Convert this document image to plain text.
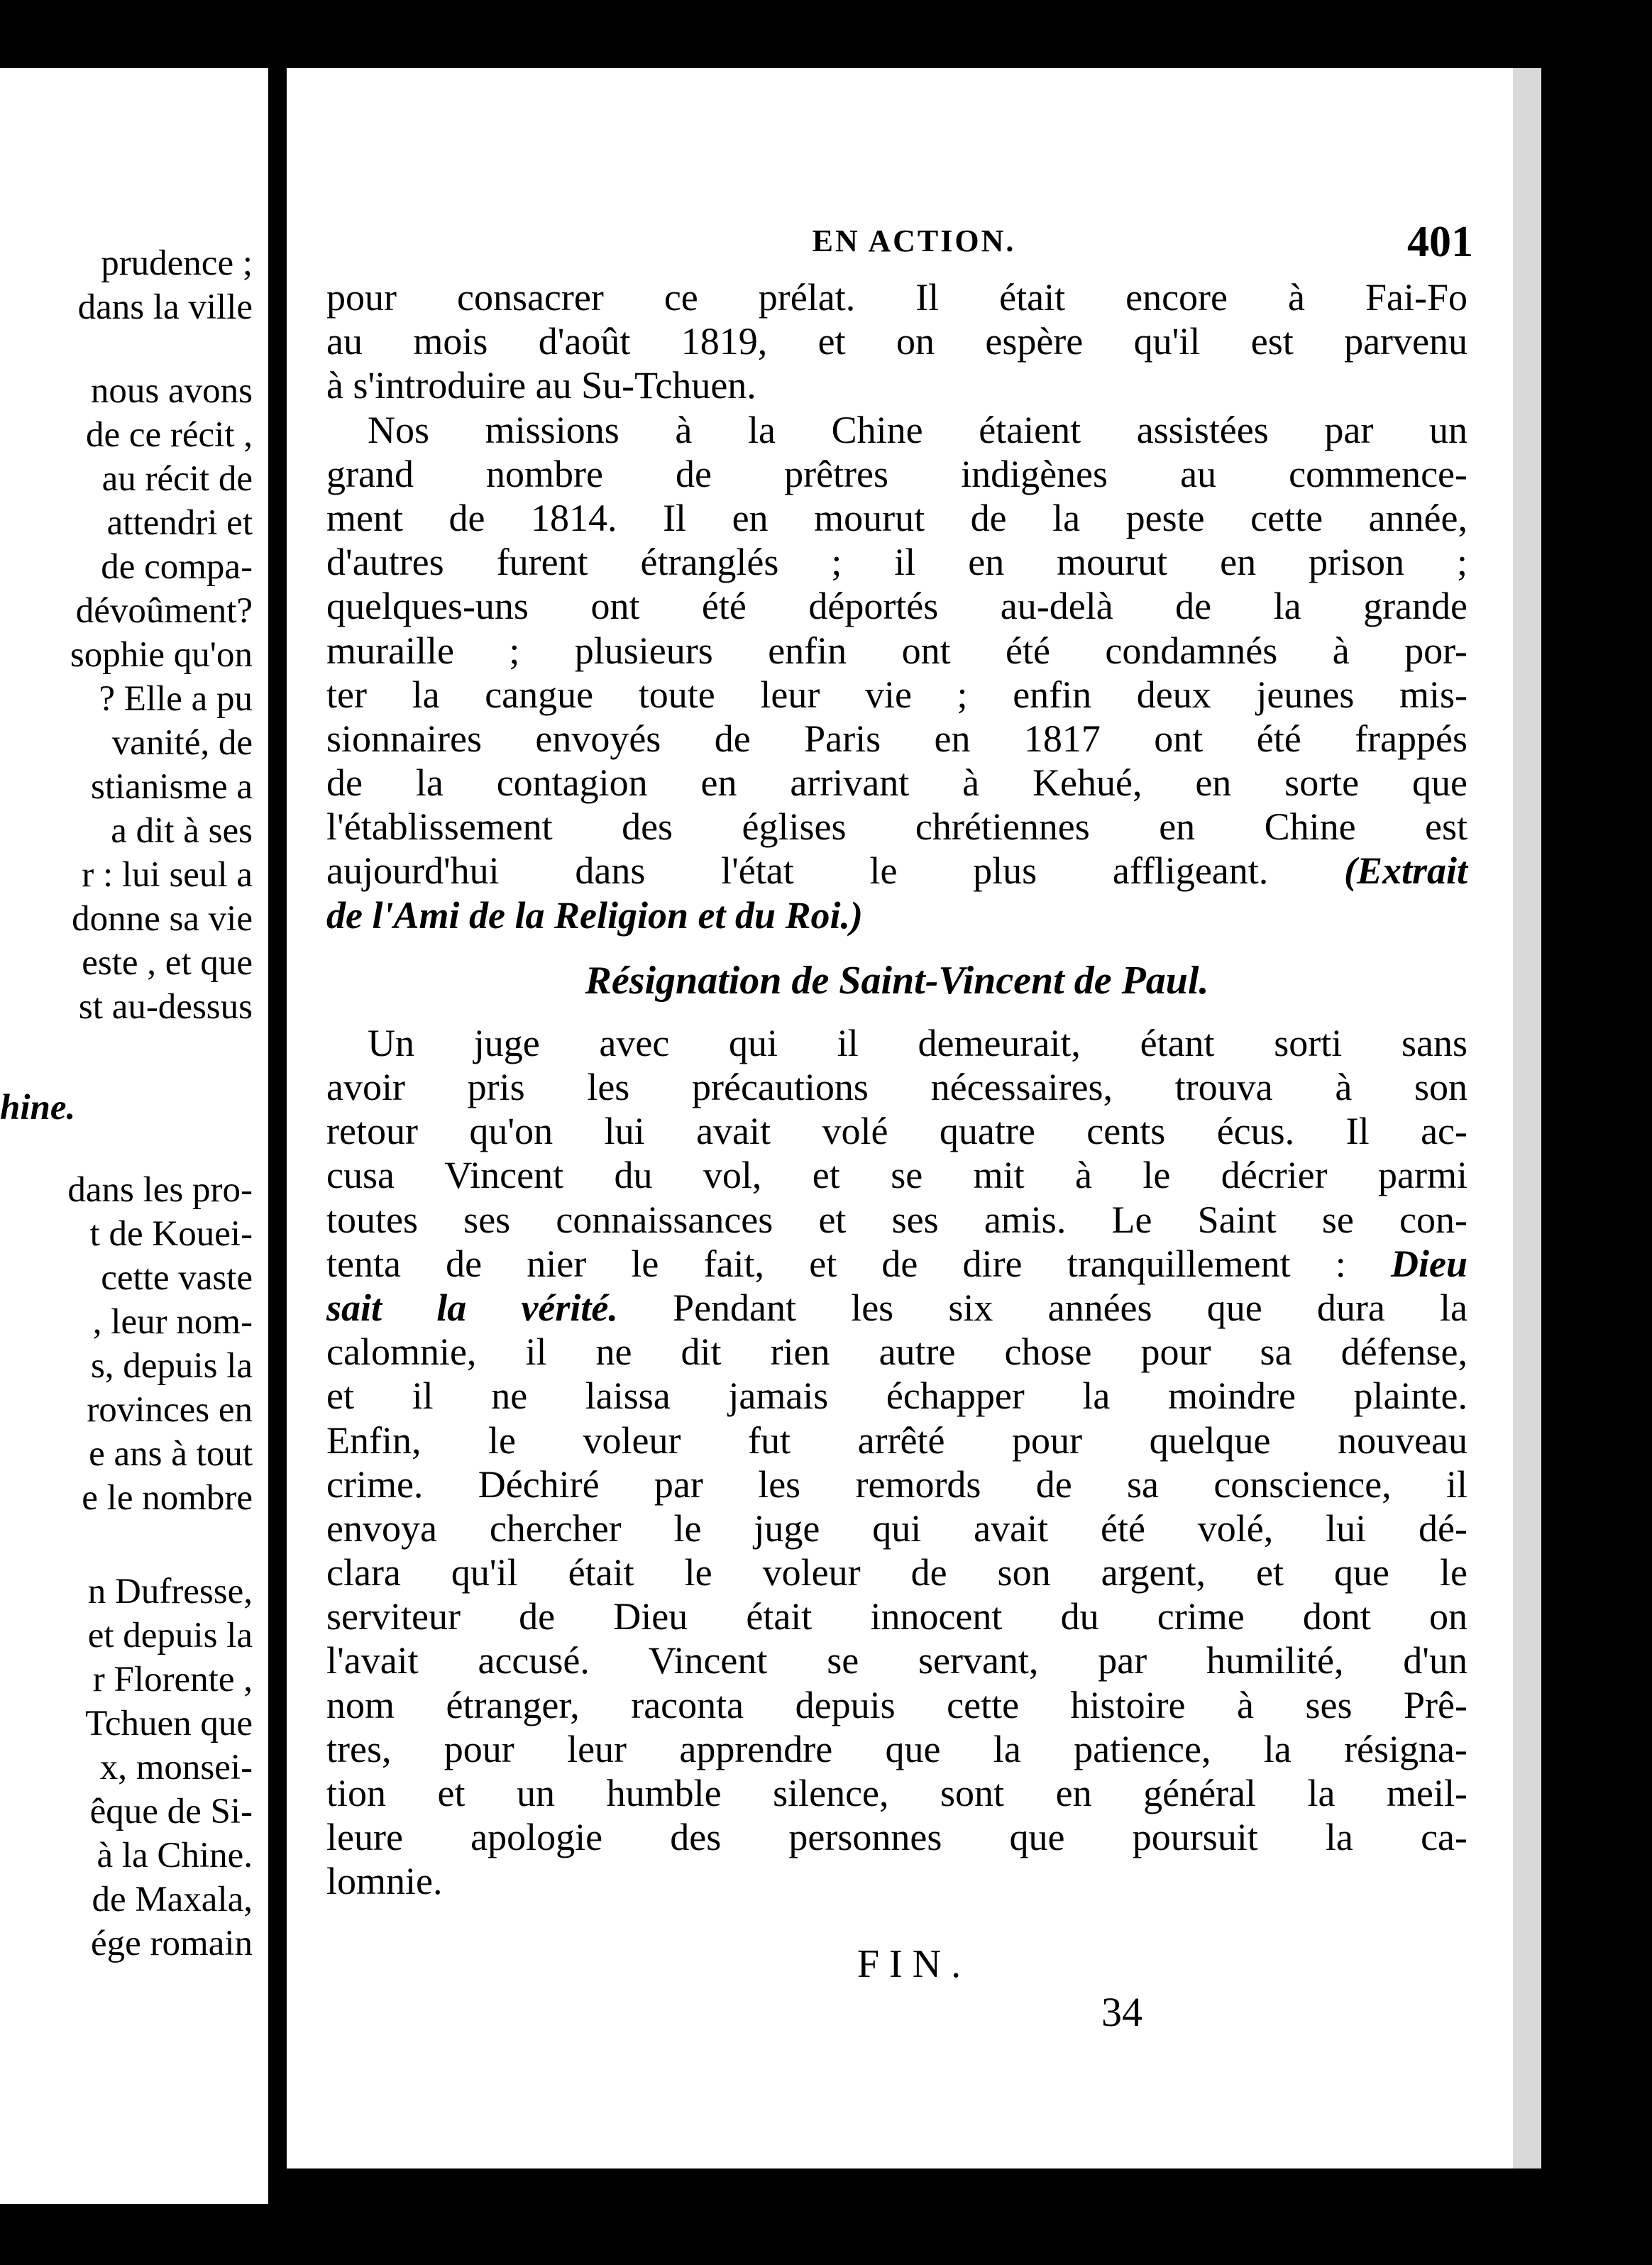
prudence ;
dans la ville
nous avons
de ce récit ,
au récit de
attendri et
de compa-
dévoûment?
sophie qu'on
? Elle a pu
vanité, de
stianisme a
a dit à ses
r : lui seul a
donne sa vie
este , et que
st au-dessus
hine.
dans les pro-
t de Kouei-
cette vaste
, leur nom-
s, depuis la
rovinces en
e ans à tout
e le nombre
n Dufresse,
et depuis la
r Florente ,
Tchuen que
x, monsei-
êque de Si-
à la Chine.
de Maxala,
ége romain
EN ACTION.	401
pour consacrer ce prélat. Il était encore à Fai-Fo
au mois d'août 1819, et on espère qu'il est parvenu
à s'introduire au Su-Tchuen.
Nos missions à la Chine étaient assistées par un
grand nombre de prêtres indigènes au commence-
ment de 1814. Il en mourut de la peste cette année,
d'autres furent étranglés ; il en mourut en prison ;
quelques-uns ont été déportés au-delà de la grande
muraille ; plusieurs enfin ont été condamnés à por-
ter la cangue toute leur vie ; enfin deux jeunes mis-
sionnaires envoyés de Paris en 1817 ont été frappés
de la contagion en arrivant à Kehué, en sorte que
l'établissement des églises chrétiennes en Chine est
aujourd'hui dans l'état le plus affligeant. (Extrait
de l'Ami de la Religion et du Roi.)
Résignation de Saint-Vincent de Paul.
Un juge avec qui il demeurait, étant sorti sans
avoir pris les précautions nécessaires, trouva à son
retour qu'on lui avait volé quatre cents écus. Il ac-
cusa Vincent du vol, et se mit à le décrier parmi
toutes ses connaissances et ses amis. Le Saint se con-
tenta de nier le fait, et de dire tranquillement : Dieu
sait la vérité. Pendant les six années que dura la
calomnie, il ne dit rien autre chose pour sa défense,
et il ne laissa jamais échapper la moindre plainte.
Enfin, le voleur fut arrêté pour quelque nouveau
crime. Déchiré par les remords de sa conscience, il
envoya chercher le juge qui avait été volé, lui dé-
clara qu'il était le voleur de son argent, et que le
serviteur de Dieu était innocent du crime dont on
l'avait accusé. Vincent se servant, par humilité, d'un
nom étranger, raconta depuis cette histoire à ses Prê-
tres, pour leur apprendre que la patience, la résigna-
tion et un humble silence, sont en général la meil-
leure apologie des personnes que poursuit la ca-
lomnie.
FIN.
34
